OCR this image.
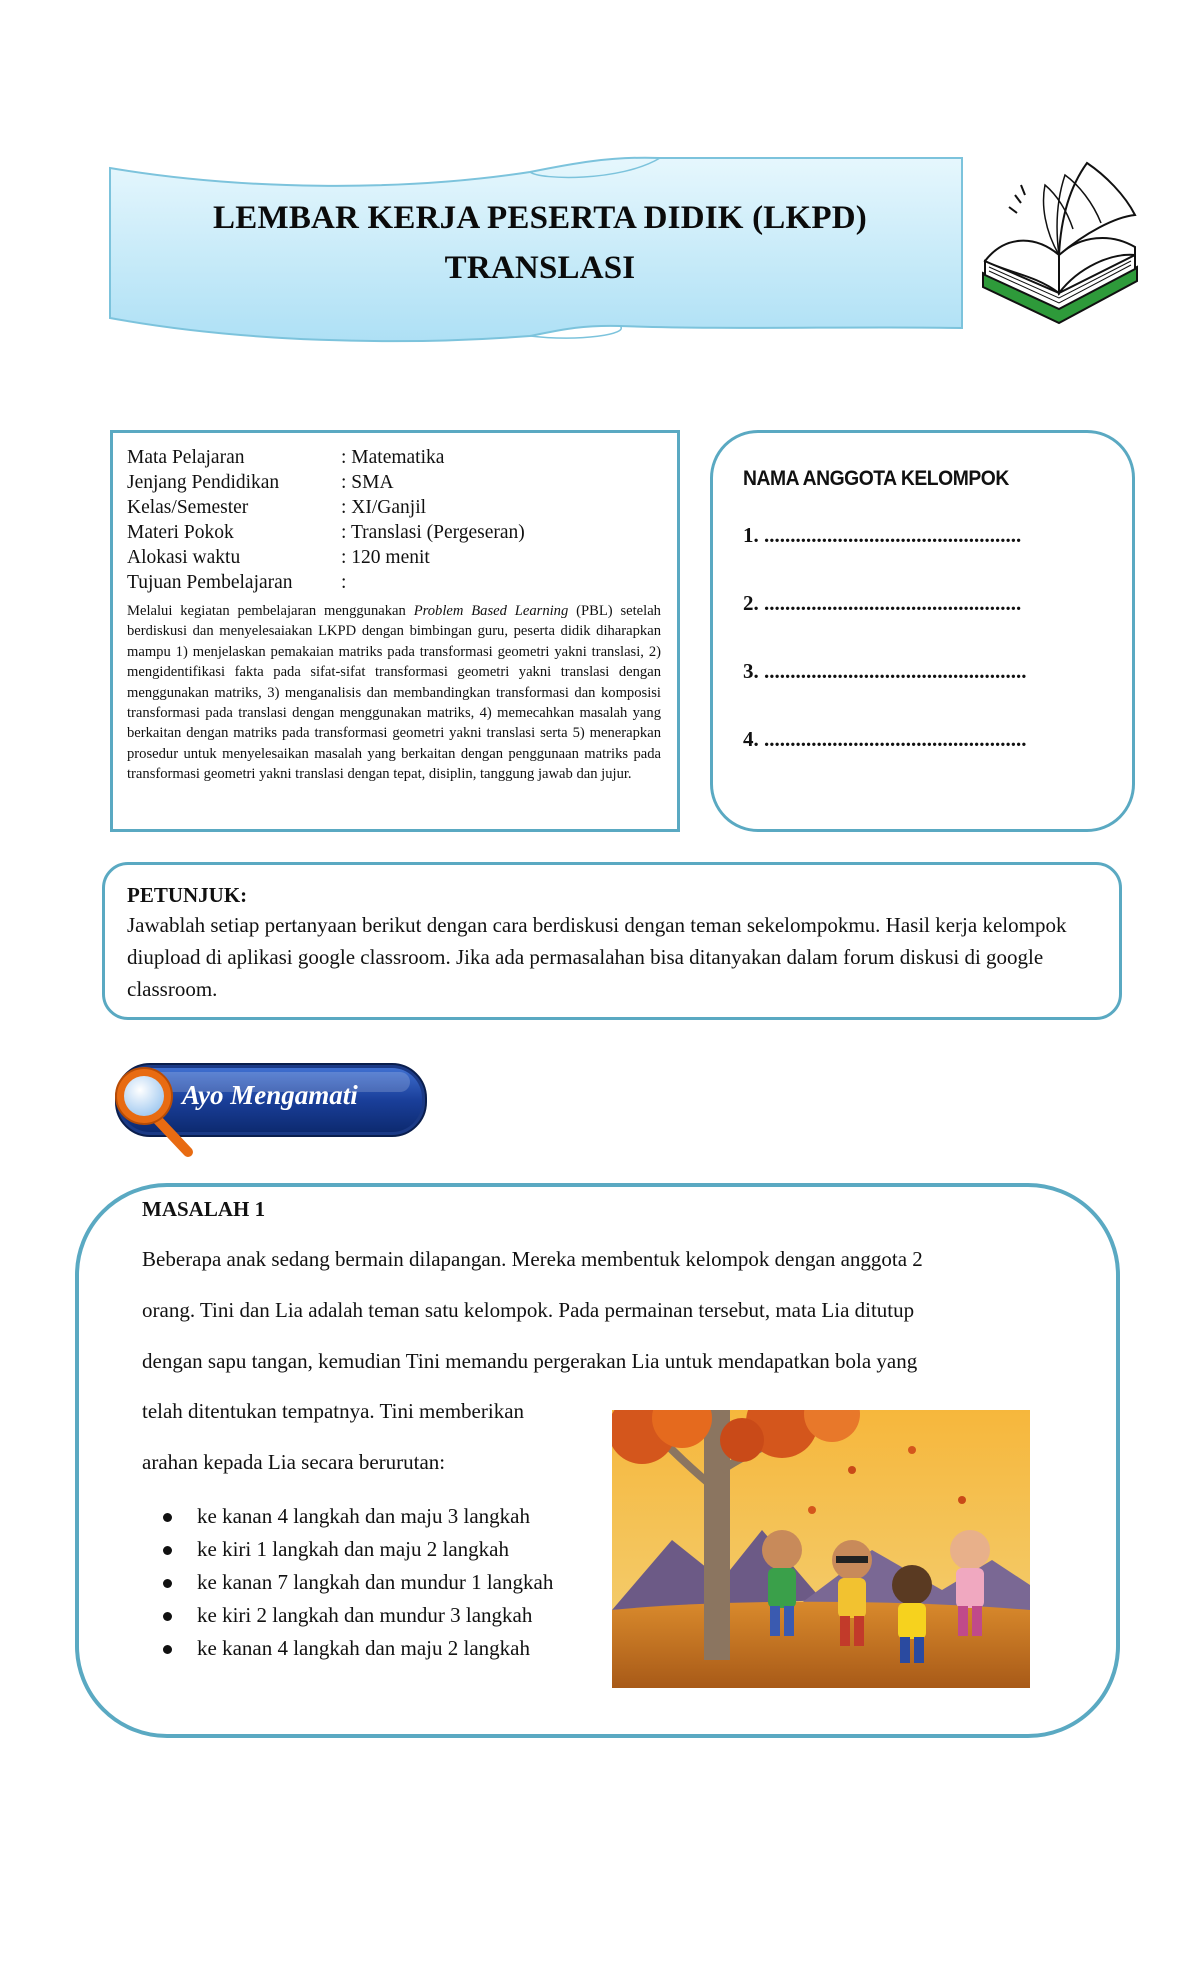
LEMBAR KERJA PESERTA DIDIK (LKPD)
TRANSLASI
Mata Pelajaran	: Matematika
Jenjang Pendidikan	: SMA
Kelas/Semester	: XI/Ganjil
Materi Pokok	: Translasi (Pergeseran)
Alokasi waktu	: 120 menit
Tujuan Pembelajaran	:
Melalui kegiatan pembelajaran menggunakan Problem Based Learning (PBL) setelah berdiskusi dan menyelesaiakan LKPD dengan bimbingan guru, peserta didik diharapkan mampu 1) menjelaskan pemakaian matriks pada transformasi geometri yakni translasi, 2) mengidentifikasi fakta pada sifat-sifat transformasi geometri yakni translasi dengan menggunakan matriks, 3) menganalisis dan membandingkan transformasi dan komposisi transformasi pada translasi dengan menggunakan matriks, 4) memecahkan masalah yang berkaitan dengan matriks pada transformasi geometri yakni translasi serta 5) menerapkan prosedur untuk menyelesaikan masalah yang berkaitan dengan penggunaan matriks pada transformasi geometri yakni translasi dengan tepat, disiplin, tanggung jawab dan jujur.
NAMA ANGGOTA KELOMPOK
1. .................................................
2. .................................................
3. ..................................................
4. ..................................................
PETUNJUK:
Jawablah setiap pertanyaan berikut dengan cara berdiskusi dengan teman sekelompokmu. Hasil kerja kelompok diupload di aplikasi google classroom. Jika ada permasalahan bisa ditanyakan dalam forum diskusi di google classroom.
Ayo Mengamati
MASALAH 1
Beberapa anak sedang bermain dilapangan. Mereka membentuk kelompok dengan anggota 2
orang. Tini dan Lia adalah teman satu kelompok. Pada permainan tersebut, mata Lia ditutup
dengan sapu tangan, kemudian Tini memandu pergerakan Lia untuk mendapatkan bola yang
telah ditentukan tempatnya. Tini memberikan
arahan kepada Lia secara berurutan:
ke kanan 4 langkah dan maju 3 langkah
ke kiri 1 langkah dan maju 2 langkah
ke kanan 7 langkah dan mundur 1 langkah
ke kiri 2 langkah dan mundur 3 langkah
ke kanan 4 langkah dan maju 2 langkah
